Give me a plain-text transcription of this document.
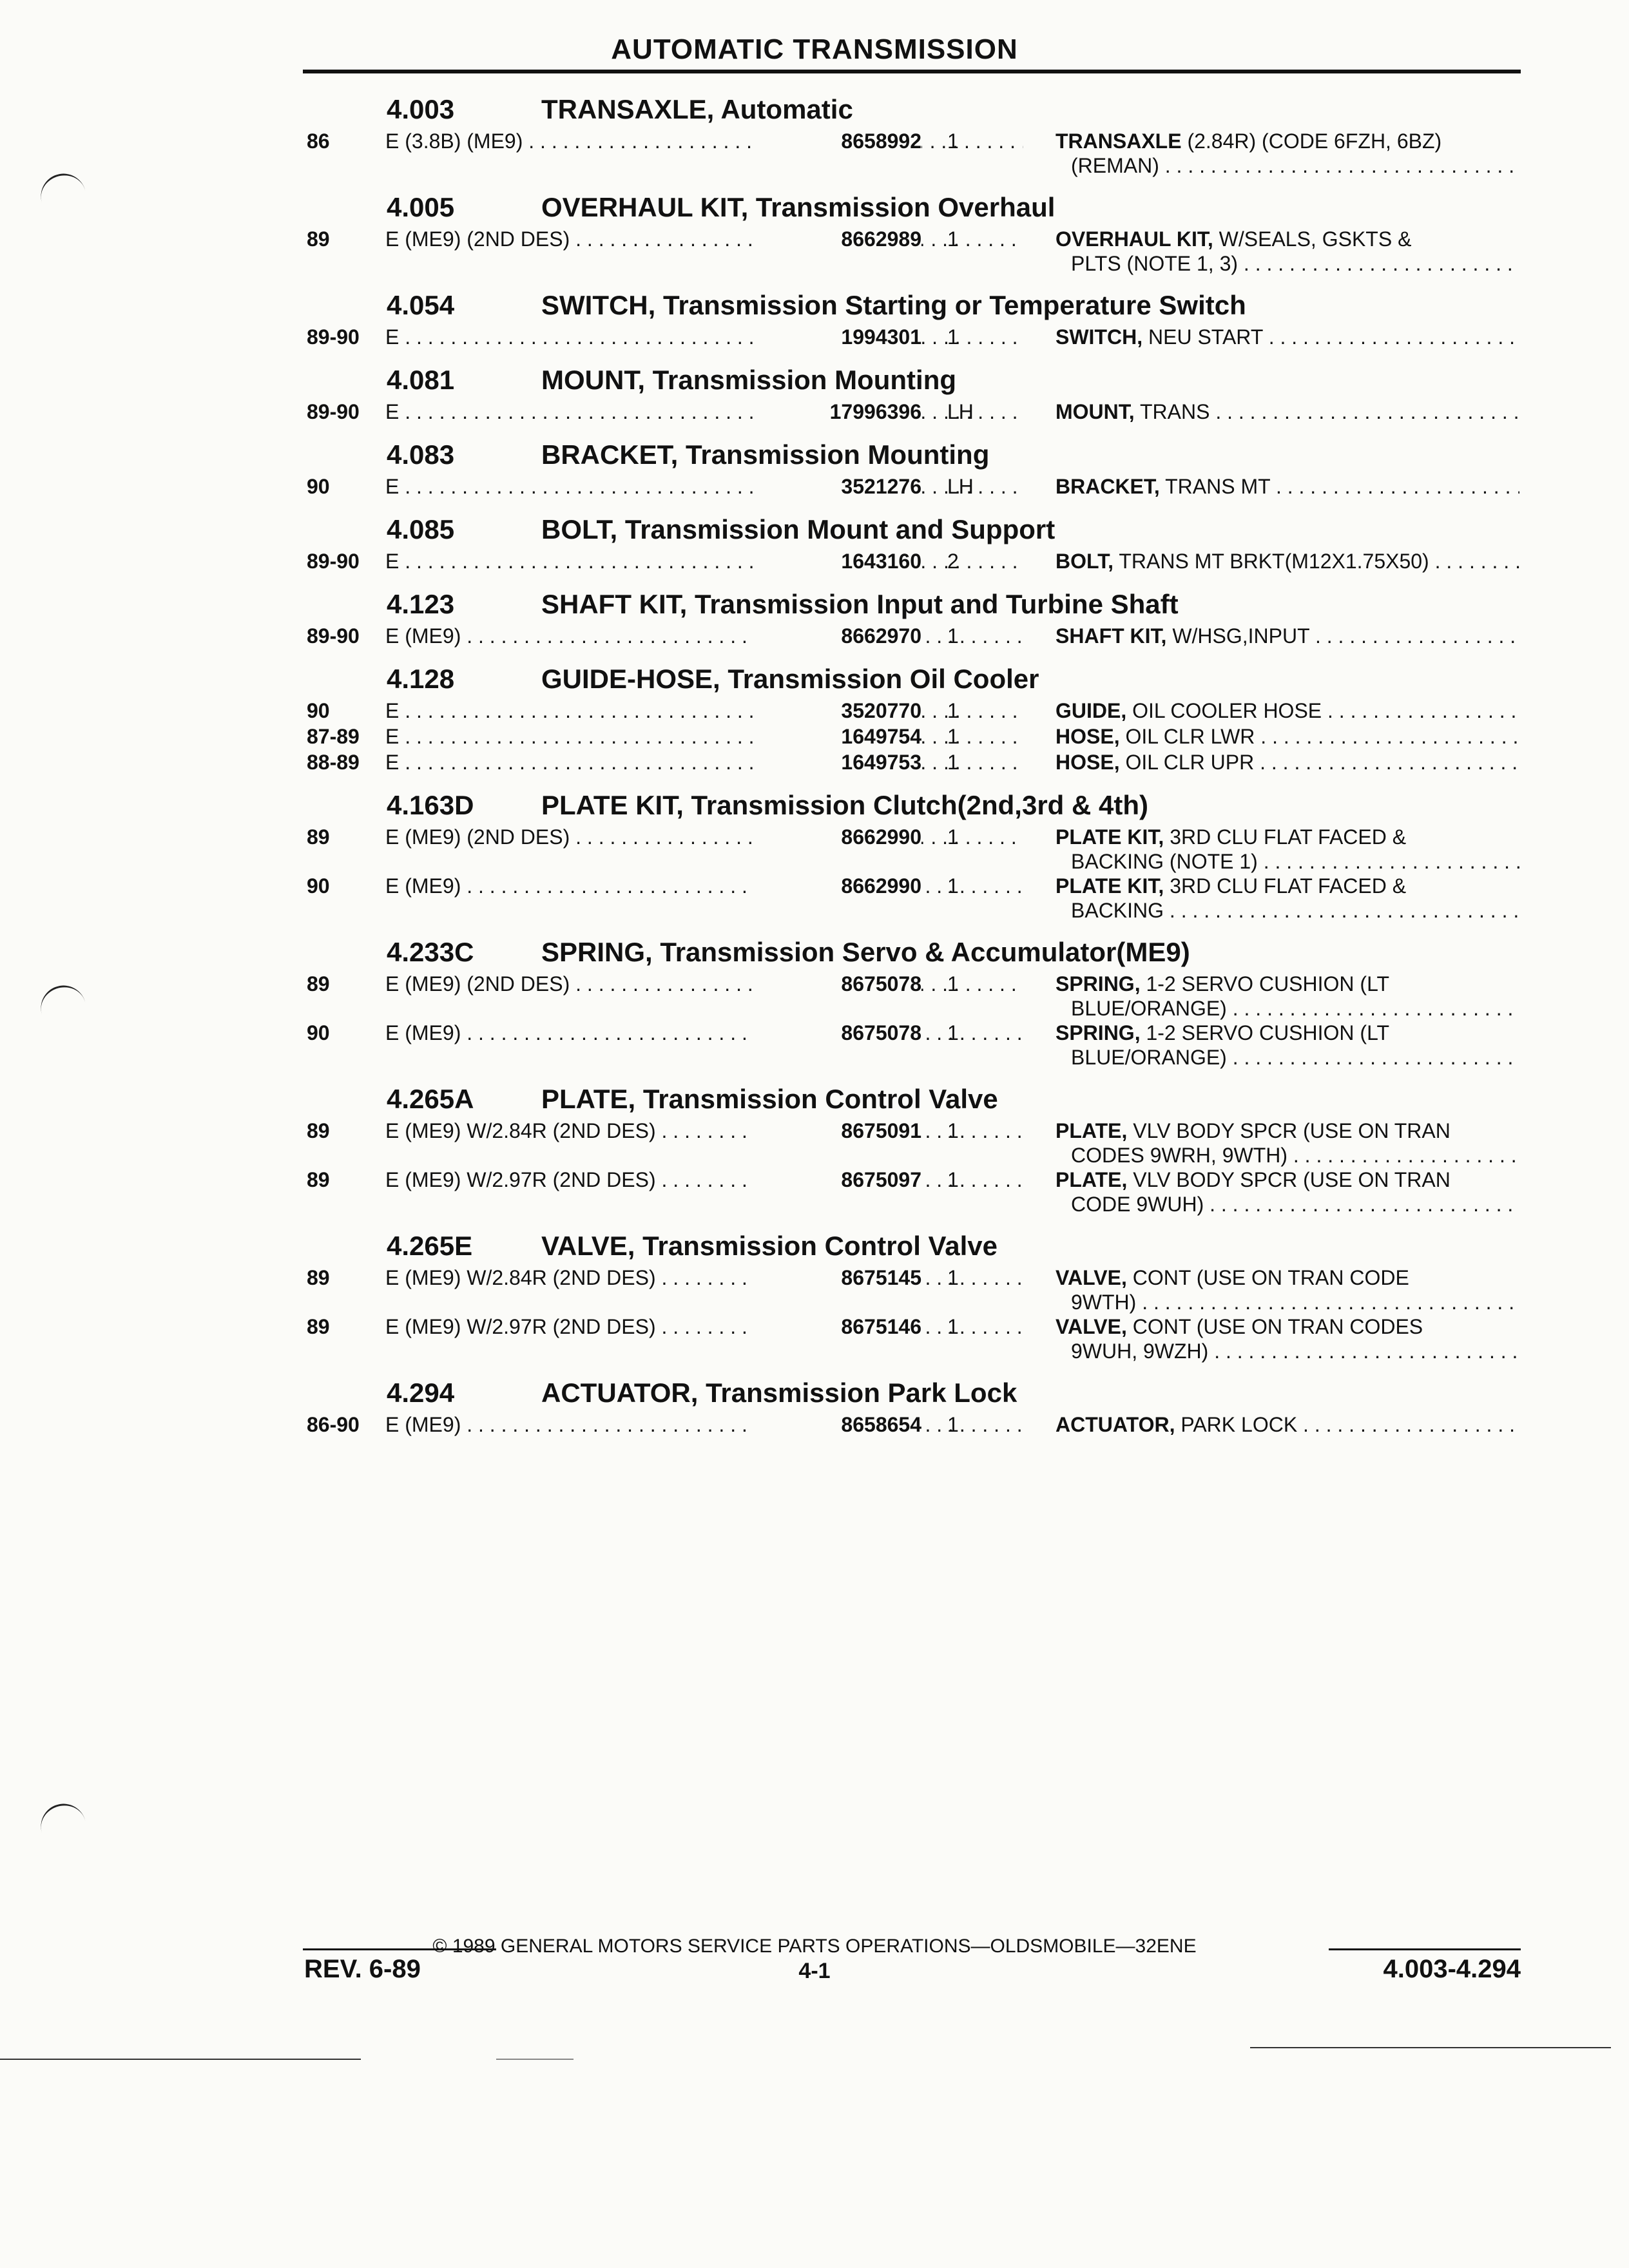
AUTOMATIC TRANSMISSION
4.003	TRANSAXLE, Automatic
86	E (3.8B) (ME9) . . .	8658992 1	TRANSAXLE (2.84R) (CODE 6FZH, 6BZ)
(REMAN) . . .
4.005	OVERHAUL KIT, Transmission Overhaul
89	E (ME9) (2ND DES) . . .	8662989 1	OVERHAUL KIT, W/SEALS, GSKTS &
PLTS (NOTE 1, 3) . . .
4.054	SWITCH, Transmission Starting or Temperature Switch
89-90 E . . .	1994301 1	SWITCH, NEU START . . .
4.081	MOUNT, Transmission Mounting
89-90 E . . .	17996396 LH	MOUNT, TRANS . . .
4.083	BRACKET, Transmission Mounting
90	E . . .	3521276 LH	BRACKET, TRANS MT . . .
4.085	BOLT, Transmission Mount and Support
89-90 E . . .	1643160 2	BOLT, TRANS MT BRKT(M12X1.75X50) . . .
4.123	SHAFT KIT, Transmission Input and Turbine Shaft
89-90 E (ME9) . . .	8662970 1	SHAFT KIT, W/HSG,INPUT . . .
4.128	GUIDE-HOSE, Transmission Oil Cooler
90	E . . .	3520770 1	GUIDE, OIL COOLER HOSE . . .
87-89 E . . .	1649754 1	HOSE, OIL CLR LWR . . .
88-89 E . . .	1649753 1	HOSE, OIL CLR UPR . . .
4.163D PLATE KIT, Transmission Clutch(2nd,3rd & 4th)
89	E (ME9) (2ND DES) . . .	8662990 1	PLATE KIT, 3RD CLU FLAT FACED &
BACKING (NOTE 1) . . .
90	E (ME9) . . .	8662990 1	PLATE KIT, 3RD CLU FLAT FACED &
BACKING . . .
4.233C SPRING, Transmission Servo & Accumulator(ME9)
89	E (ME9) (2ND DES) . . .	8675078 1	SPRING, 1-2 SERVO CUSHION (LT
BLUE/ORANGE) . . .
90	E (ME9) . . .	8675078 1	SPRING, 1-2 SERVO CUSHION (LT
BLUE/ORANGE) . . .
4.265A PLATE, Transmission Control Valve
89	E (ME9) W/2.84R (2ND DES) . . .	8675091 1	PLATE, VLV BODY SPCR (USE ON TRAN
CODES 9WRH, 9WTH) . . .
89	E (ME9) W/2.97R (2ND DES) . . .	8675097 1	PLATE, VLV BODY SPCR (USE ON TRAN
CODE 9WUH) . . .
4.265E	VALVE, Transmission Control Valve
89	E (ME9) W/2.84R (2ND DES) . . .	8675145 1	VALVE, CONT (USE ON TRAN CODE
9WTH) . . .
89	E (ME9) W/2.97R (2ND DES) . . .	8675146 1	VALVE, CONT (USE ON TRAN CODES
9WUH, 9WZH) . . .
4.294	ACTUATOR, Transmission Park Lock
86-90 E (ME9) . . .	8658654 1	ACTUATOR, PARK LOCK . . .
© 1989 GENERAL MOTORS SERVICE PARTS OPERATIONS—OLDSMOBILE—32ENE
REV. 6-89	4-1	4.003-4.294
